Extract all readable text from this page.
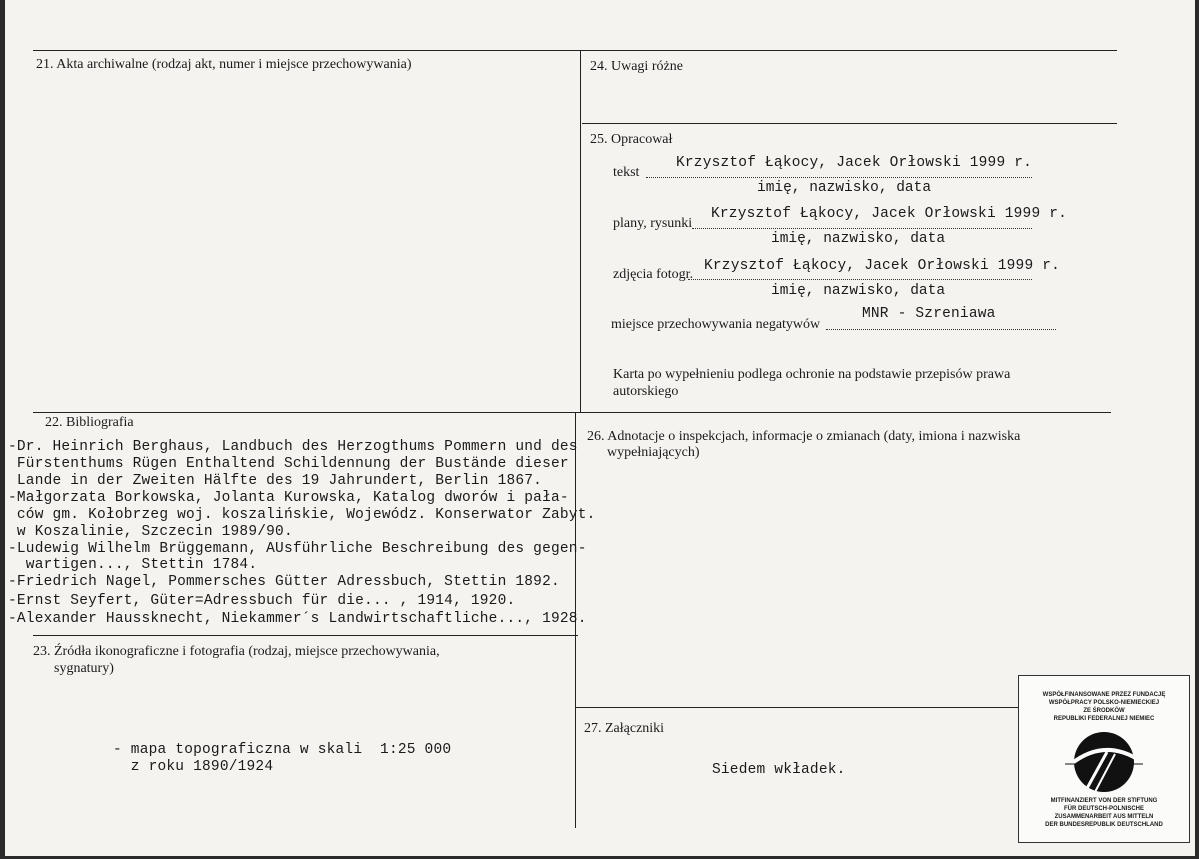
21. Akta archiwalne (rodzaj akt, numer i miejsce przechowywania)	24. Uwagi różne
25. Opracował
tekst
Krzysztof Łąkocy, Jacek Orłowski 1999 r.
imię, nazwisko, data
plany, rysunki
Krzysztof Łąkocy, Jacek Orłowski 1999 r.
imię, nazwisko, data
zdjęcia fotogr.
Krzysztof Łąkocy, Jacek Orłowski 1999 r.
imię, nazwisko, data
miejsce przechowywania negatywów
MNR - Szreniawa
Karta po wypełnieniu podlega ochronie na podstawie przepisów prawa
autorskiego
22. Bibliografia
-Dr. Heinrich Berghaus, Landbuch des Herzogthums Pommern und des
Fürstenthums Rügen Enthaltend Schildennung der Bustände dieser
Lande in der Zweiten Hälfte des 19 Jahrundert, Berlin 1867.
-Małgorzata Borkowska, Jolanta Kurowska, Katalog dworów i pała-
ców gm. Kołobrzeg woj. koszalińskie, Wojewódz. Konserwator Zabyt.
w Koszalinie, Szczecin 1989/90.
-Ludewig Wilhelm Brüggemann, AUsführliche Beschreibung des gegen-
wartigen..., Stettin 1784.
-Friedrich Nagel, Pommersches Gütter Adressbuch, Stettin 1892.
-Ernst Seyfert, Güter=Adressbuch für die... , 1914, 1920.
-Alexander Haussknecht, Niekammer´s Landwirtschaftliche..., 1928.
23. Źródła ikonograficzne i fotografia (rodzaj, miejsce przechowywania,
sygnatury)
- mapa topograficzna w skali  1:25 000
z roku 1890/1924
26. Adnotacje o inspekcjach, informacje o zmianach (daty, imiona i nazwiska
wypełniających)
27. Załączniki
Siedem wkładek.
WSPÓŁFINANSOWANE PRZEZ FUNDACJĘ
WSPÓŁPRACY POLSKO-NIEMIECKIEJ
ZE ŚRODKÓW
REPUBLIKI FEDERALNEJ NIEMIEC
MITFINANZIERT VON DER STIFTUNG
FÜR DEUTSCH-POLNISCHE
ZUSAMMENARBEIT AUS MITTELN
DER BUNDESREPUBLIK DEUTSCHLAND
